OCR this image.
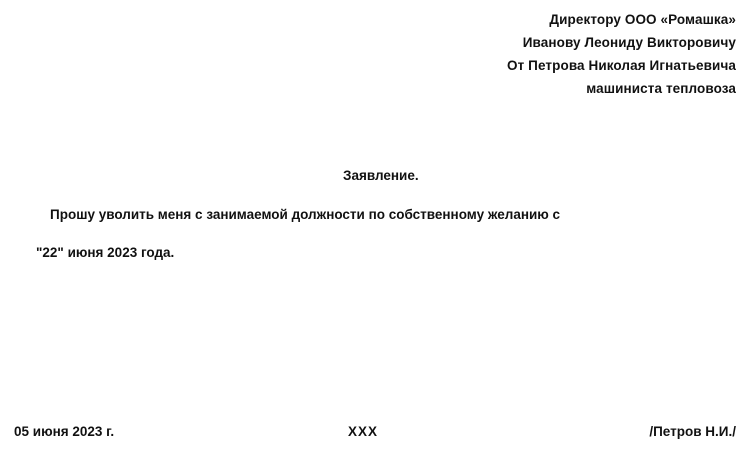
Директору ООО «Ромашка»
Иванову Леониду Викторовичу
От Петрова Николая Игнатьевича
машиниста тепловоза
Заявление.
Прошу уволить меня с занимаемой должности по собственному желанию с
"22" июня 2023 года.
05 июня 2023 г.	ХХХ	/Петров Н.И./
